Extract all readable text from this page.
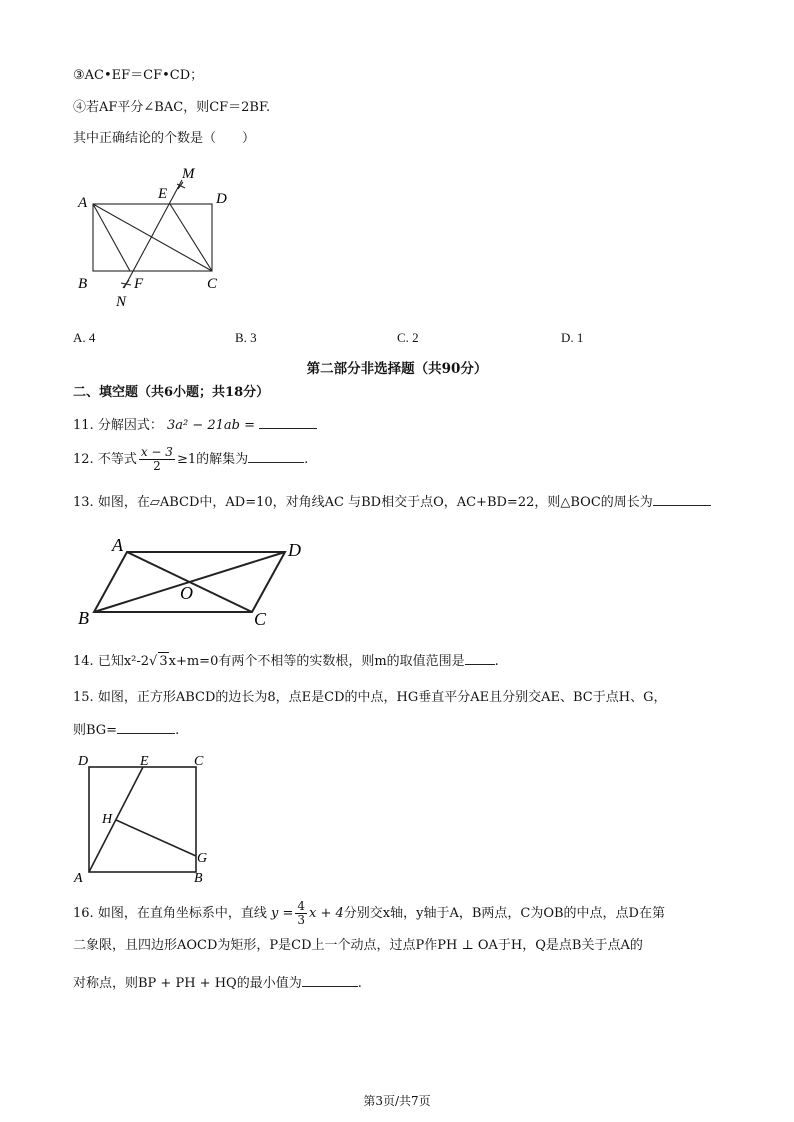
③AC•EF＝CF•CD；
④若AF平分∠BAC，则CF＝2BF.
其中正确结论的个数是（　　）
A	D
B	C
E
M
F
N
A. 4	B. 3	C. 2	D. 1
第二部分非选择题（共90分）
二、填空题（共6小题；共18分）
11. 分解因式： 3a² − 21ab =
12. 不等式 $\frac{x - 3}{2} \ge 1$的解集为	.
13. 如图，在▱ABCD中，AD=10，对角线AC 与BD相交于点O，AC+BD=22，则△BOC的周长为
A	D
B	C
O
14. 已知x²-2√ 3x+m=0有两个不相等的实数根，则m的取值范围是 .
15. 如图，正方形ABCD的边长为8，点E是CD的中点，HG垂直平分AE且分别交AE、BC于点H、G，
则BG=	.
D	E	C
H
G
A	B
16. 如图，在直角坐标系中，直线 $y = \frac{4}{3}$ x + 4分别交x轴，y轴于A，B两点，C为OB的中点，点D在第
二象限，且四边形AOCD为矩形，P是CD上一个动点，过点P作PH ⊥ OA于H，Q是点B关于点A的
对称点，则BP + PH + HQ的最小值为	.
第3页/共7页
